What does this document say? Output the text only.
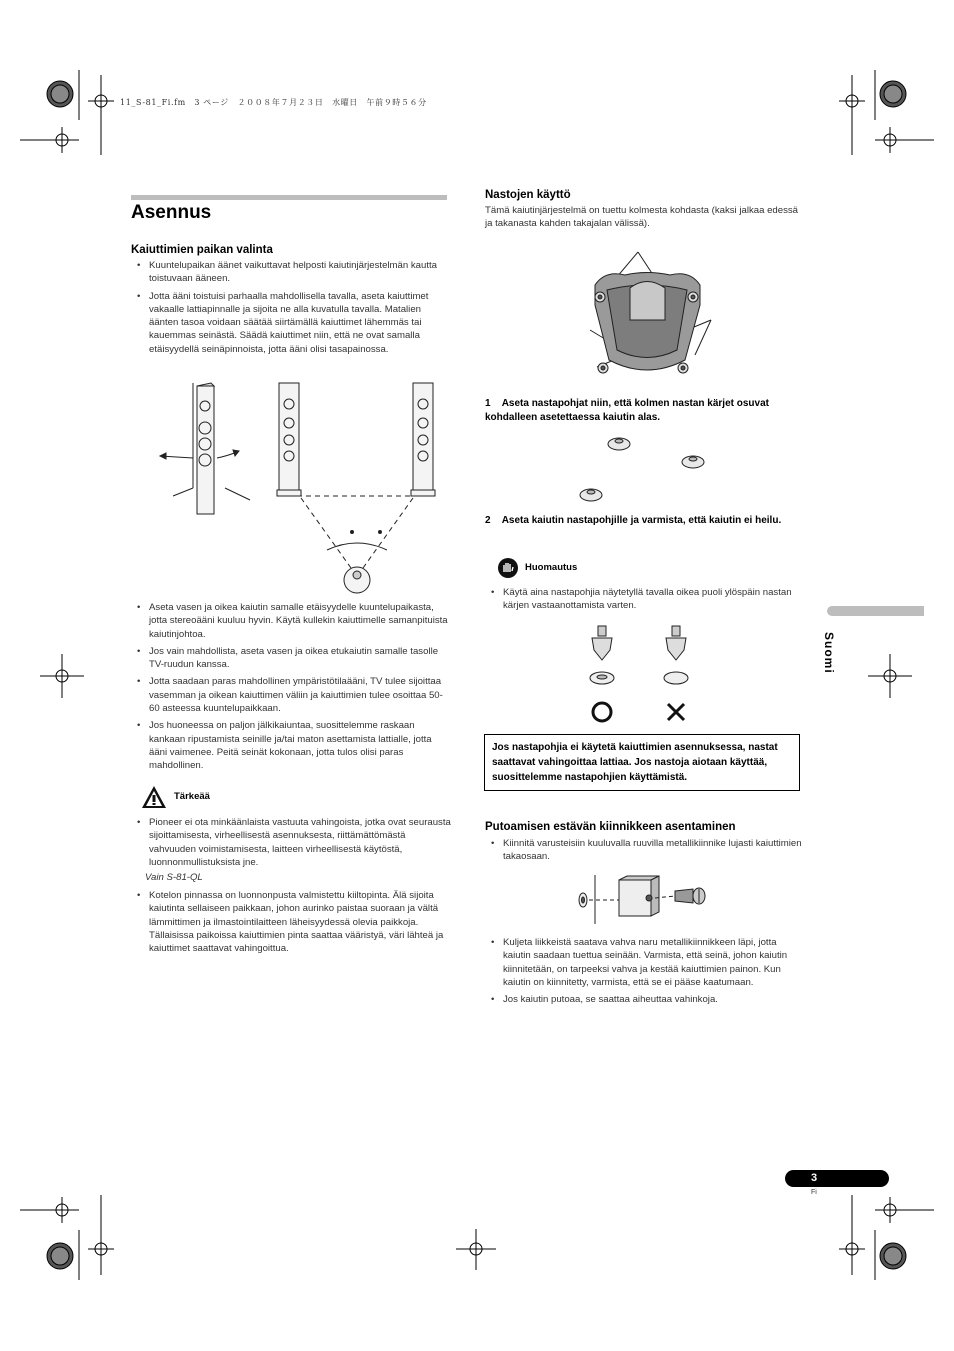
11_S-81_Fi.fm　3 ページ　２００８年７月２３日　水曜日　午前９時５６分
Asennus
Kaiuttimien paikan valinta
• Kuuntelupaikan äänet vaikuttavat helposti kaiutinjärjestelmän kautta toistuvaan ääneen.
• Jotta ääni toistuisi parhaalla mahdollisella tavalla, aseta kaiuttimet vakaalle lattiapinnalle ja sijoita ne alla kuvatulla tavalla. Matalien äänten tasoa voidaan säätää siirtämällä kaiuttimet lähemmäs tai kauemmas seinästä. Säädä kaiuttimet niin, että ne ovat samalla etäisyydellä seinäpinnoista, jotta ääni olisi tasapainossa.
• Aseta vasen ja oikea kaiutin samalle etäisyydelle kuuntelupaikasta, jotta stereoääni kuuluu hyvin. Käytä kullekin kaiuttimelle samanpituista kaiutinjohtoa.
• Jos vain mahdollista, aseta vasen ja oikea etukaiutin samalle tasolle TV-ruudun kanssa.
• Jotta saadaan paras mahdollinen ympäristötilaääni, TV tulee sijoittaa vasemman ja oikean kaiuttimen väliin ja kaiuttimien tulee osoittaa 50-60 asteessa kuuntelupaikkaan.
• Jos huoneessa on paljon jälkikaiuntaa, suosittelemme raskaan kankaan ripustamista seinille ja/tai maton asettamista lattialle, jotta ääni vaimenee. Peitä seinät kokonaan, jotta tulos olisi paras mahdollinen.
Tärkeää
• Pioneer ei ota minkäänlaista vastuuta vahingoista, jotka ovat seurausta sijoittamisesta, virheellisestä asennuksesta, riittämättömästä vahvuuden voimistamisesta, laitteen virheellisestä käytöstä, luonnonmullistuksista jne.
Vain S-81-QL
• Kotelon pinnassa on luonnonpusta valmistettu kiiltopinta. Älä sijoita kaiutinta sellaiseen paikkaan, johon aurinko paistaa suoraan ja vältä lämmittimen ja ilmastointilaitteen läheisyydessä olevia paikkoja. Tällaisissa paikoissa kaiuttimien pinta saattaa vääristyä, väri lähteä ja kaiuttimet saattavat vahingoittua.
Nastojen käyttö
Tämä kaiutinjärjestelmä on tuettu kolmesta kohdasta (kaksi jalkaa edessä ja takanasta kahden takajalan välissä).
1 Aseta nastapohjat niin, että kolmen nastan kärjet osuvat kohdalleen asetettaessa kaiutin alas.
2 Aseta kaiutin nastapohjille ja varmista, että kaiutin ei heilu.
Huomautus
• Käytä aina nastapohjia näytetyllä tavalla oikea puoli ylöspäin nastan kärjen vastaanottamista varten.
Jos nastapohjia ei käytetä kaiuttimien asennuksessa, nastat saattavat vahingoittaa lattiaa. Jos nastoja aiotaan käyttää, suosittelemme nastapohjien käyttämistä.
Putoamisen estävän kiinnikkeen asentaminen
• Kiinnitä varusteisiin kuuluvalla ruuvilla metallikiinnike lujasti kaiuttimien takaosaan.
• Kuljeta liikkeistä saatava vahva naru metallikiinnikkeen läpi, jotta kaiutin saadaan tuettua seinään. Varmista, että seinä, johon kaiutin kiinnitetään, on tarpeeksi vahva ja kestää kaiuttimien painon. Kun kaiutin on kiinnitetty, varmista, että se ei pääse kaatumaan.
• Jos kaiutin putoaa, se saattaa aiheuttaa vahinkoja.
Suomi
3
Fi
